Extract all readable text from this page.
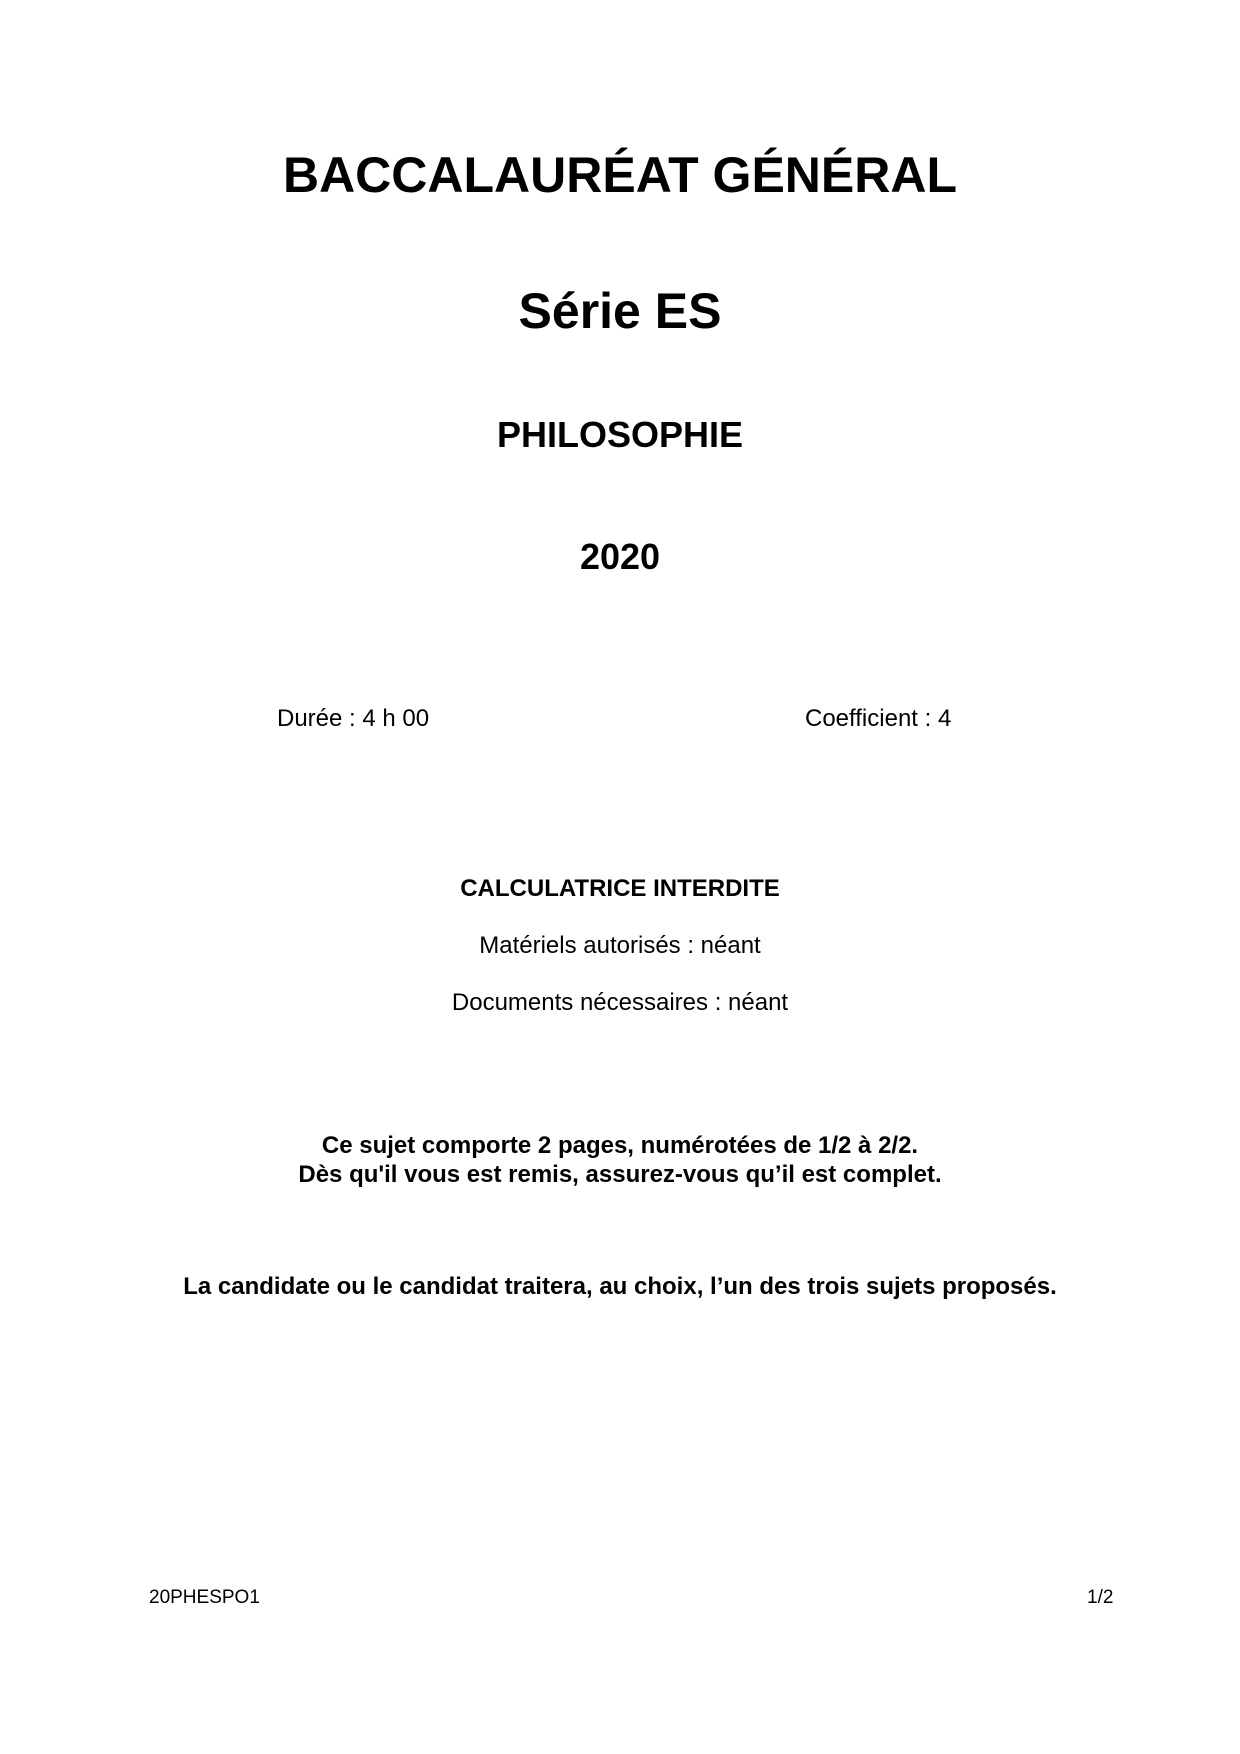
BACCALAURÉAT GÉNÉRAL
Série ES
PHILOSOPHIE
2020
Durée : 4 h 00	Coefficient : 4
CALCULATRICE INTERDITE
Matériels autorisés : néant
Documents nécessaires : néant
Ce sujet comporte 2 pages, numérotées de 1/2 à 2/2.
Dès qu'il vous est remis, assurez-vous qu’il est complet.
La candidate ou le candidat traitera, au choix, l’un des trois sujets proposés.
20PHESPO1	1/2
